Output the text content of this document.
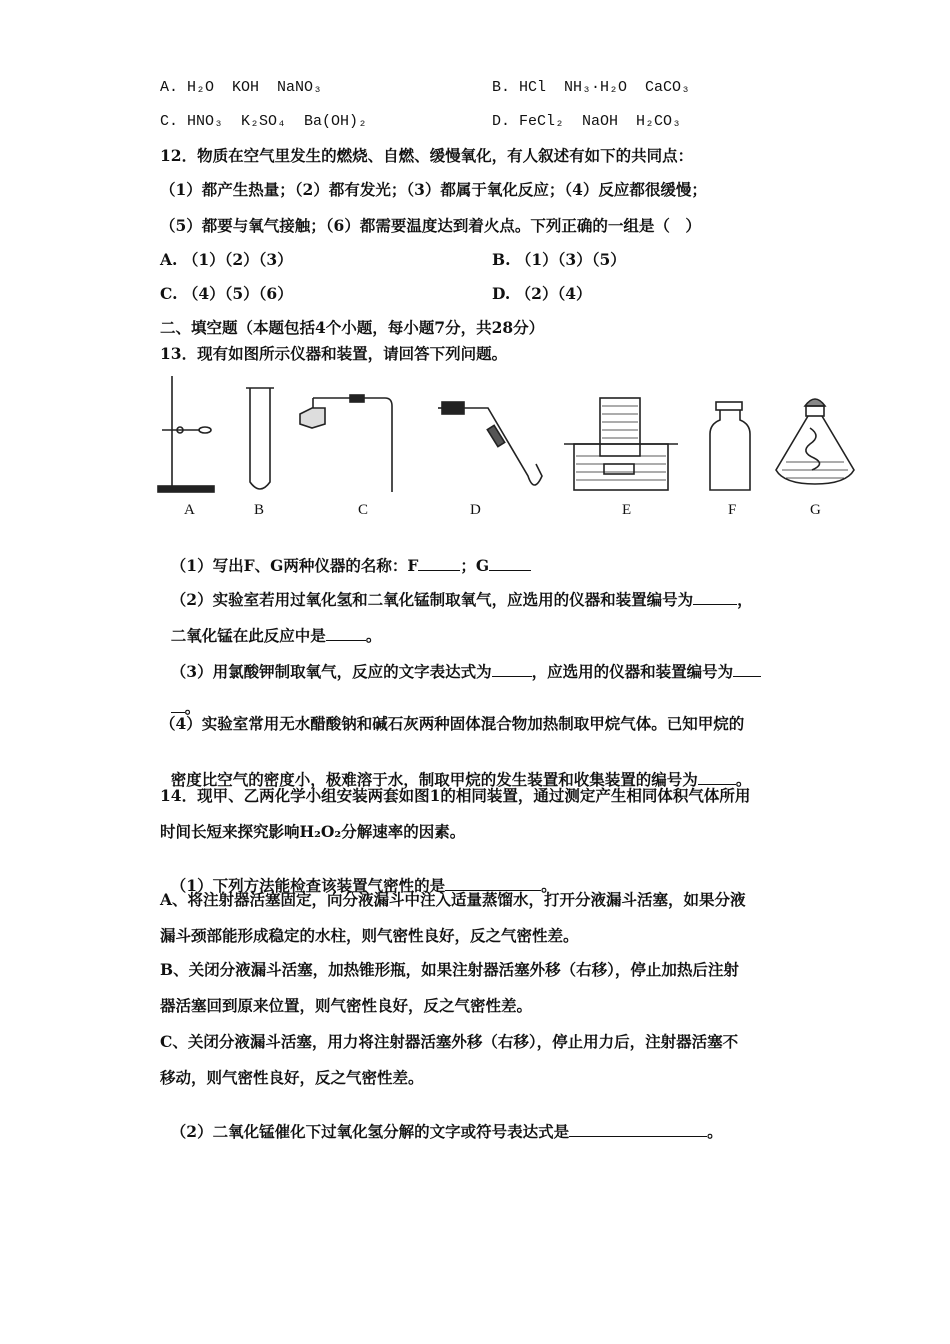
A. H₂O  KOH  NaNO₃	B. HCl  NH₃·H₂O  CaCO₃
C. HNO₃  K₂SO₄  Ba(OH)₂	D. FeCl₂  NaOH  H₂CO₃
12．物质在空气里发生的燃烧、自燃、缓慢氧化，有人叙述有如下的共同点：
（1）都产生热量；（2）都有发光；（3）都属于氧化反应；（4）反应都很缓慢；
（5）都要与氧气接触；（6）都需要温度达到着火点。下列正确的一组是（　）
A. （1）（2）（3）	B. （1）（3）（5）
C. （4）（5）（6）	D. （2）（4）
二、填空题（本题包括4个小题，每小题7分，共28分）
13．现有如图所示仪器和装置，请回答下列问题。
A	B	C	D	E	F	G

（1）写出F、G两种仪器的名称：F	；G

（2）实验室若用过氧化氢和二氧化锰制取氧气，应选用的仪器和装置编号为	，

二氧化锰在此反应中是	。

（3）用氯酸钾制取氧气，反应的文字表达式为	，应选用的仪器和装置编号为

。

（4）实验室常用无水醋酸钠和碱石灰两种固体混合物加热制取甲烷气体。已知甲烷的

密度比空气的密度小，极难溶于水，制取甲烷的发生装置和收集装置的编号为 。

14．现甲、乙两化学小组安装两套如图1的相同装置，通过测定产生相同体积气体所用
时间长短来探究影响H₂O₂分解速率的因素。

（1）下列方法能检查该装置气密性的是	。

A、将注射器活塞固定，向分液漏斗中注入适量蒸馏水，打开分液漏斗活塞，如果分液
漏斗颈部能形成稳定的水柱，则气密性良好，反之气密性差。
B、关闭分液漏斗活塞，加热锥形瓶，如果注射器活塞外移（右移），停止加热后注射
器活塞回到原来位置，则气密性良好，反之气密性差。
C、关闭分液漏斗活塞，用力将注射器活塞外移（右移），停止用力后，注射器活塞不
移动，则气密性良好，反之气密性差。

（2）二氧化锰催化下过氧化氢分解的文字或符号表达式是	。
